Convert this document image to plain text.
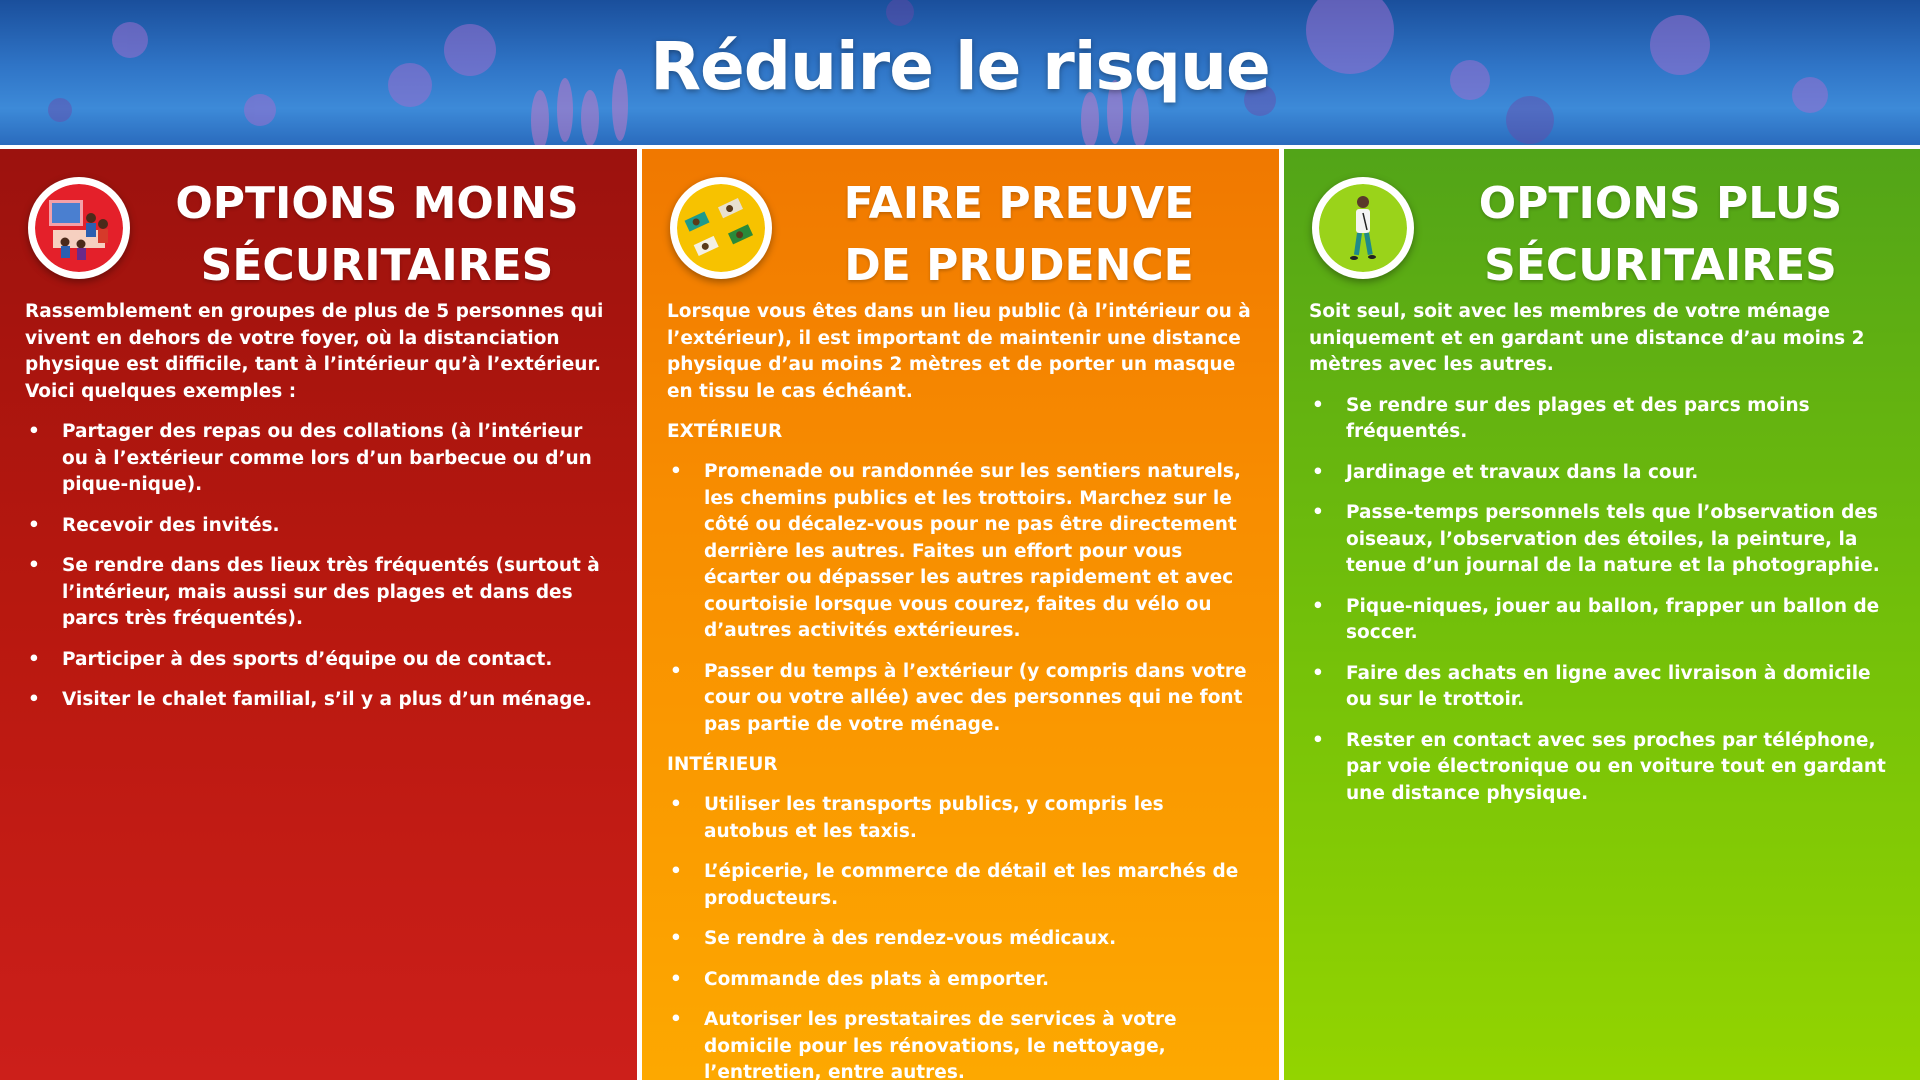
Réduire le risque
OPTIONS MOINS
SÉCURITAIRES

Rassemblement en groupes de plus de 5 personnes qui vivent en dehors de votre foyer, où la distanciation physique est difficile, tant à l’intérieur qu’à l’extérieur. Voici quelques exemples :

• Partager des repas ou des collations (à l’intérieur ou à l’extérieur comme lors d’un barbecue ou d’un pique-nique).
• Recevoir des invités.
• Se rendre dans des lieux très fréquentés (surtout à l’intérieur, mais aussi sur des plages et dans des parcs très fréquentés).
• Participer à des sports d’équipe ou de contact.
• Visiter le chalet familial, s’il y a plus d’un ménage.
FAIRE PREUVE
DE PRUDENCE

Lorsque vous êtes dans un lieu public (à l’intérieur ou à l’extérieur), il est important de maintenir une distance physique d’au moins 2 mètres et de porter un masque en tissu le cas échéant.

EXTÉRIEUR
• Promenade ou randonnée sur les sentiers naturels, les chemins publics et les trottoirs. Marchez sur le côté ou décalez-vous pour ne pas être directement derrière les autres. Faites un effort pour vous écarter ou dépasser les autres rapidement et avec courtoisie lorsque vous courez, faites du vélo ou d’autres activités extérieures.
• Passer du temps à l’extérieur (y compris dans votre cour ou votre allée) avec des personnes qui ne font pas partie de votre ménage.
INTÉRIEUR
• Utiliser les transports publics, y compris les autobus et les taxis.
• L’épicerie, le commerce de détail et les marchés de producteurs.
• Se rendre à des rendez-vous médicaux.
• Commande des plats à emporter.
• Autoriser les prestataires de services à votre domicile pour les rénovations, le nettoyage, l’entretien, entre autres.
OPTIONS PLUS
SÉCURITAIRES

Soit seul, soit avec les membres de votre ménage uniquement et en gardant une distance d’au moins 2 mètres avec les autres.

• Se rendre sur des plages et des parcs moins fréquentés.
• Jardinage et travaux dans la cour.
• Passe-temps personnels tels que l’observation des oiseaux, l’observation des étoiles, la peinture, la tenue d’un journal de la nature et la photographie.
• Pique-niques, jouer au ballon, frapper un ballon de soccer.
• Faire des achats en ligne avec livraison à domicile ou sur le trottoir.
• Rester en contact avec ses proches par téléphone, par voie électronique ou en voiture tout en gardant une distance physique.
